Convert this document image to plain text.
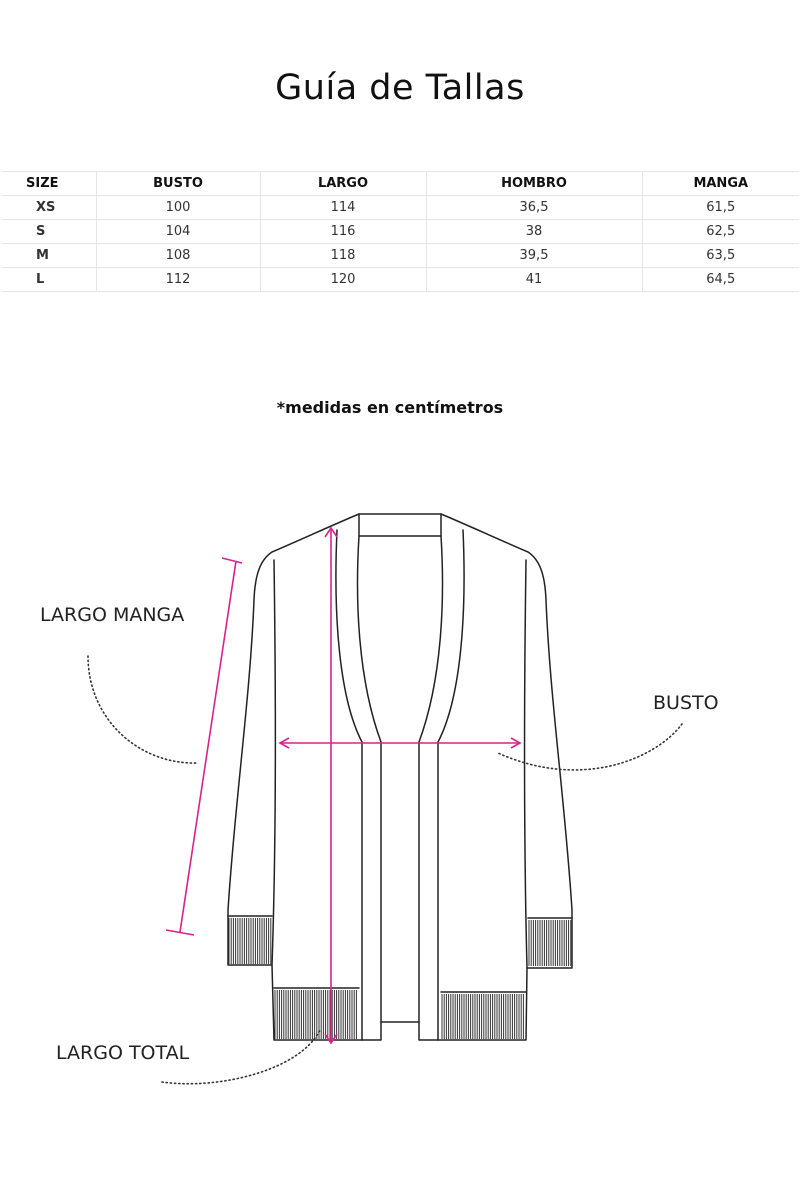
Guía de Tallas
SIZE	BUSTO	LARGO	HOMBRO	MANGA
XS	100	114	36,5	61,5
S	104	116	38	62,5
M	108	118	39,5	63,5
L	112	120	41	64,5

*medidas en centímetros

LARGO MANGA
BUSTO
LARGO TOTAL
